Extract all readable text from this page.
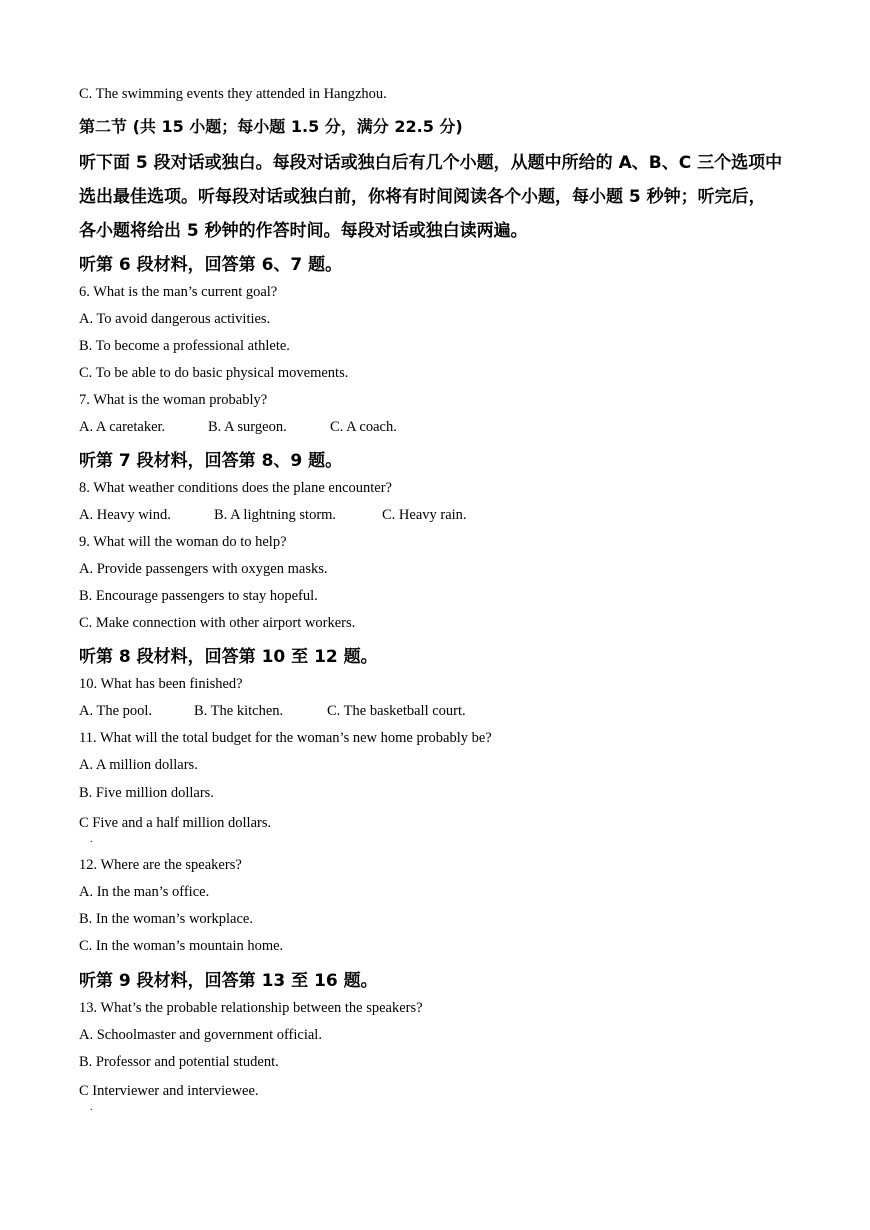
C. The swimming events they attended in Hangzhou.
第二节 (共 15 小题；每小题 1.5 分，满分 22.5 分)
听下面 5 段对话或独白。每段对话或独白后有几个小题，从题中所给的 A、B、C 三个选项中
选出最佳选项。听每段对话或独白前，你将有时间阅读各个小题，每小题 5 秒钟；听完后，
各小题将给出 5 秒钟的作答时间。每段对话或独白读两遍。
听第 6 段材料，回答第 6、7 题。
6. What is the man’s current goal?
A. To avoid dangerous activities.
B. To become a professional athlete.
C. To be able to do basic physical movements.
7. What is the woman probably?
A. A caretaker.	B. A surgeon.	C. A coach.
听第 7 段材料，回答第 8、9 题。
8. What weather conditions does the plane encounter?
A. Heavy wind.	B. A lightning storm.	C. Heavy rain.
9. What will the woman do to help?
A. Provide passengers with oxygen masks.
B. Encourage passengers to stay hopeful.
C. Make connection with other airport workers.
听第 8 段材料，回答第 10 至 12 题。
10. What has been finished?
A. The pool.	B. The kitchen.	C. The basketball court.
11. What will the total budget for the woman’s new home probably be?
A. A million dollars.
B. Five million dollars.
C Five and a half million dollars.
.
12. Where are the speakers?
A. In the man’s office.
B. In the woman’s workplace.
C. In the woman’s mountain home.
听第 9 段材料，回答第 13 至 16 题。
13. What’s the probable relationship between the speakers?
A. Schoolmaster and government official.
B. Professor and potential student.
C Interviewer and interviewee.
.
